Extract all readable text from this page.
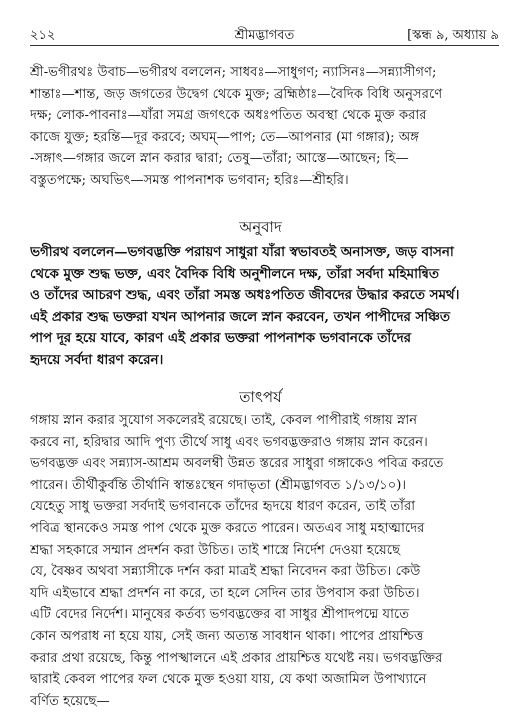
২১২	শ্রীমদ্ভাগবত	[স্কন্ধ ৯, অধ্যায় ৯
শ্রী-ভগীরথঃ উবাচ—ভগীরথ বললেন; সাধবঃ—সাধুগণ; ন্যাসিনঃ—সন্ন্যাসীগণ;
শান্তাঃ—শান্ত, জড় জগতের উদ্বেগ থেকে মুক্ত; ব্রহ্মিষ্ঠাঃ—বৈদিক বিধি অনুসরণে
দক্ষ; লোক-পাবনাঃ—যাঁরা সমগ্র জগৎকে অধঃপতিত অবস্থা থেকে মুক্ত করার
কাজে যুক্ত; হরন্তি—দূর করবে; অঘম্—পাপ; তে—আপনার (মা গঙ্গার); অঙ্গ
-সঙ্গাৎ—গঙ্গার জলে স্নান করার দ্বারা; তেষু—তাঁরা; আস্তে—আছেন; হি—
বস্তুতপক্ষে; অঘভিৎ—সমস্ত পাপনাশক ভগবান; হরিঃ—শ্রীহরি।
অনুবাদ
ভগীরথ বললেন—ভগবদ্ভক্তি পরায়ণ সাধুরা যাঁরা স্বভাবতই অনাসক্ত, জড় বাসনা
থেকে মুক্ত শুদ্ধ ভক্ত, এবং বৈদিক বিধি অনুশীলনে দক্ষ, তাঁরা সর্বদা মহিমান্বিত
ও তাঁদের আচরণ শুদ্ধ, এবং তাঁরা সমস্ত অধঃপতিত জীবদের উদ্ধার করতে সমর্থ।
এই প্রকার শুদ্ধ ভক্তরা যখন আপনার জলে স্নান করবেন, তখন পাপীদের সঞ্চিত
পাপ দূর হয়ে যাবে, কারণ এই প্রকার ভক্তরা পাপনাশক ভগবানকে তাঁদের
হৃদয়ে সর্বদা ধারণ করেন।
তাৎপর্য
গঙ্গায় স্নান করার সুযোগ সকলেরই রয়েছে। তাই, কেবল পাপীরাই গঙ্গায় স্নান
করবে না, হরিদ্বার আদি পুণ্য তীর্থে সাধু এবং ভগবদ্ভক্তরাও গঙ্গায় স্নান করেন।
ভগবদ্ভক্ত এবং সন্ন্যাস-আশ্রম অবলম্বী উন্নত স্তরের সাধুরা গঙ্গাকেও পবিত্র করতে
পারেন। তীর্থীকুর্বন্তি তীর্থানি স্বান্তঃস্থেন গদাভৃতা (শ্রীমদ্ভাগবত ১/১৩/১০)।
যেহেতু সাধু ভক্তরা সর্বদাই ভগবানকে তাঁদের হৃদয়ে ধারণ করেন, তাই তাঁরা
পবিত্র স্থানকেও সমস্ত পাপ থেকে মুক্ত করতে পারেন। অতএব সাধু মহাত্মাদের
শ্রদ্ধা সহকারে সম্মান প্রদর্শন করা উচিত। তাই শাস্ত্রে নির্দেশ দেওয়া হয়েছে
যে, বৈষ্ণব অথবা সন্ন্যাসীকে দর্শন করা মাত্রই শ্রদ্ধা নিবেদন করা উচিত। কেউ
যদি এইভাবে শ্রদ্ধা প্রদর্শন না করে, তা হলে সেদিন তার উপবাস করা উচিত।
এটি বেদের নির্দেশ। মানুষের কর্তব্য ভগবদ্ভক্তের বা সাধুর শ্রীপাদপদ্মে যাতে
কোন অপরাধ না হয়ে যায়, সেই জন্য অত্যন্ত সাবধান থাকা। পাপের প্রায়শ্চিত্ত
করার প্রথা রয়েছে, কিন্তু পাপস্খালনে এই প্রকার প্রায়শ্চিত্ত যথেষ্ট নয়। ভগবদ্ভক্তির
দ্বারাই কেবল পাপের ফল থেকে মুক্ত হওয়া যায়, যে কথা অজামিল উপাখ্যানে
বর্ণিত হয়েছে—
